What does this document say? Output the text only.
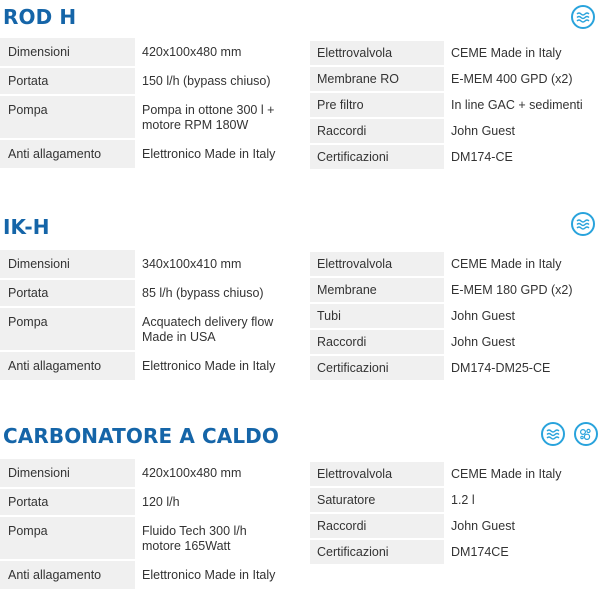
ROD H
Dimensioni	420x100x480 mm
Portata	150 l/h (bypass chiuso)
Pompa	Pompa in ottone 300 l +
motore RPM 180W
Anti allagamento	Elettronico Made in Italy
Elettrovalvola	CEME Made in Italy
Membrane RO	E-MEM 400 GPD (x2)
Pre filtro	In line GAC + sedimenti
Raccordi	John Guest
Certificazioni	DM174-CE
IK-H
Dimensioni	340x100x410 mm
Portata	85 l/h (bypass chiuso)
Pompa	Acquatech delivery flow
Made in USA
Anti allagamento	Elettronico Made in Italy
Elettrovalvola	CEME Made in Italy
Membrane	E-MEM 180 GPD (x2)
Tubi	John Guest
Raccordi	John Guest
Certificazioni	DM174-DM25-CE
CARBONATORE A CALDO
Dimensioni	420x100x480 mm
Portata	120 l/h
Pompa	Fluido Tech 300 l/h
motore 165Watt
Anti allagamento	Elettronico Made in Italy
Elettrovalvola	CEME Made in Italy
Saturatore	1.2 l
Raccordi	John Guest
Certificazioni	DM174CE
